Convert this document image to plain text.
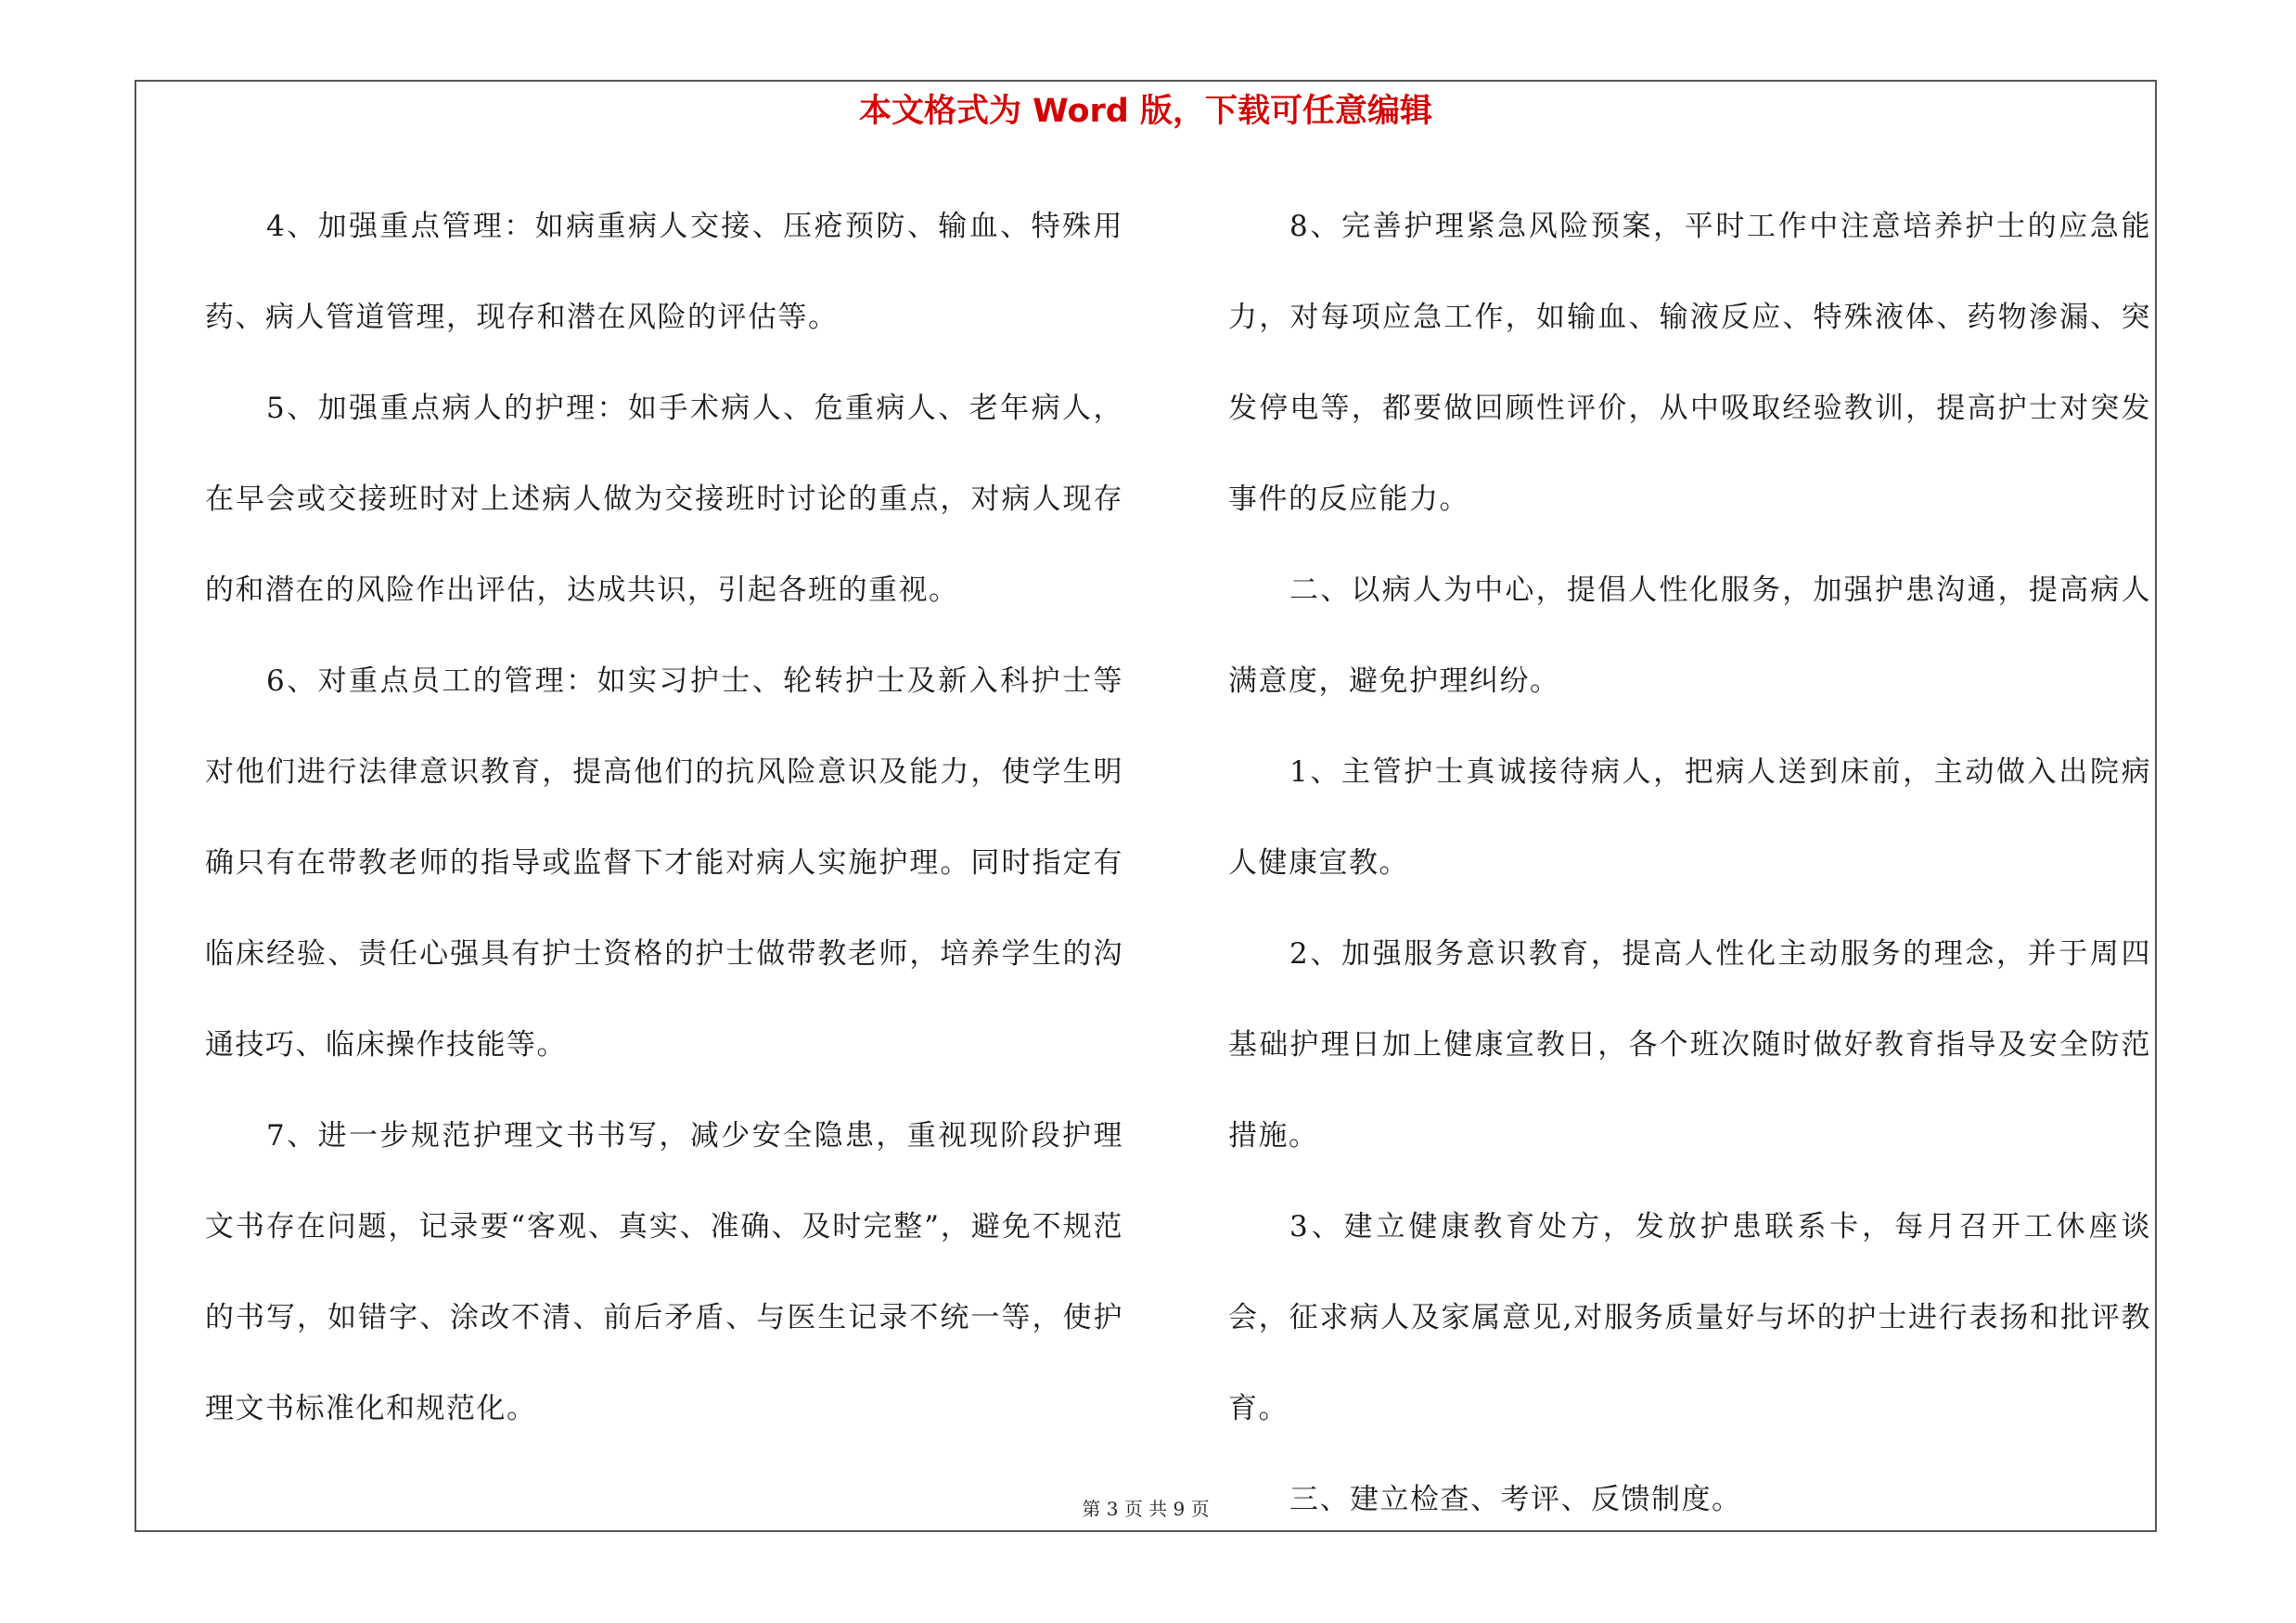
本文格式为 Word 版，下载可任意编辑

4、加强重点管理：如病重病人交接、压疮预防、输血、特殊用药、病人管道管理，现存和潜在风险的评估等。

5、加强重点病人的护理：如手术病人、危重病人、老年病人，在早会或交接班时对上述病人做为交接班时讨论的重点，对病人现存的和潜在的风险作出评估，达成共识，引起各班的重视。

6、对重点员工的管理：如实习护士、轮转护士及新入科护士等对他们进行法律意识教育，提高他们的抗风险意识及能力，使学生明确只有在带教老师的指导或监督下才能对病人实施护理。同时指定有临床经验、责任心强具有护士资格的护士做带教老师，培养学生的沟通技巧、临床操作技能等。

7、进一步规范护理文书书写，减少安全隐患，重视现阶段护理文书存在问题，记录要“客观、真实、准确、及时完整”，避免不规范的书写，如错字、涂改不清、前后矛盾、与医生记录不统一等，使护理文书标准化和规范化。

8、完善护理紧急风险预案，平时工作中注意培养护士的应急能力，对每项应急工作，如输血、输液反应、特殊液体、药物渗漏、突发停电等，都要做回顾性评价，从中吸取经验教训，提高护士对突发事件的反应能力。

二、以病人为中心，提倡人性化服务，加强护患沟通，提高病人满意度，避免护理纠纷。

1、主管护士真诚接待病人，把病人送到床前，主动做入出院病人健康宣教。

2、加强服务意识教育，提高人性化主动服务的理念，并于周四基础护理日加上健康宣教日，各个班次随时做好教育指导及安全防范措施。

3、建立健康教育处方，发放护患联系卡，每月召开工休座谈会，征求病人及家属意见,对服务质量好与坏的护士进行表扬和批评教育。

三、建立检查、考评、反馈制度。

第 3 页 共 9 页
